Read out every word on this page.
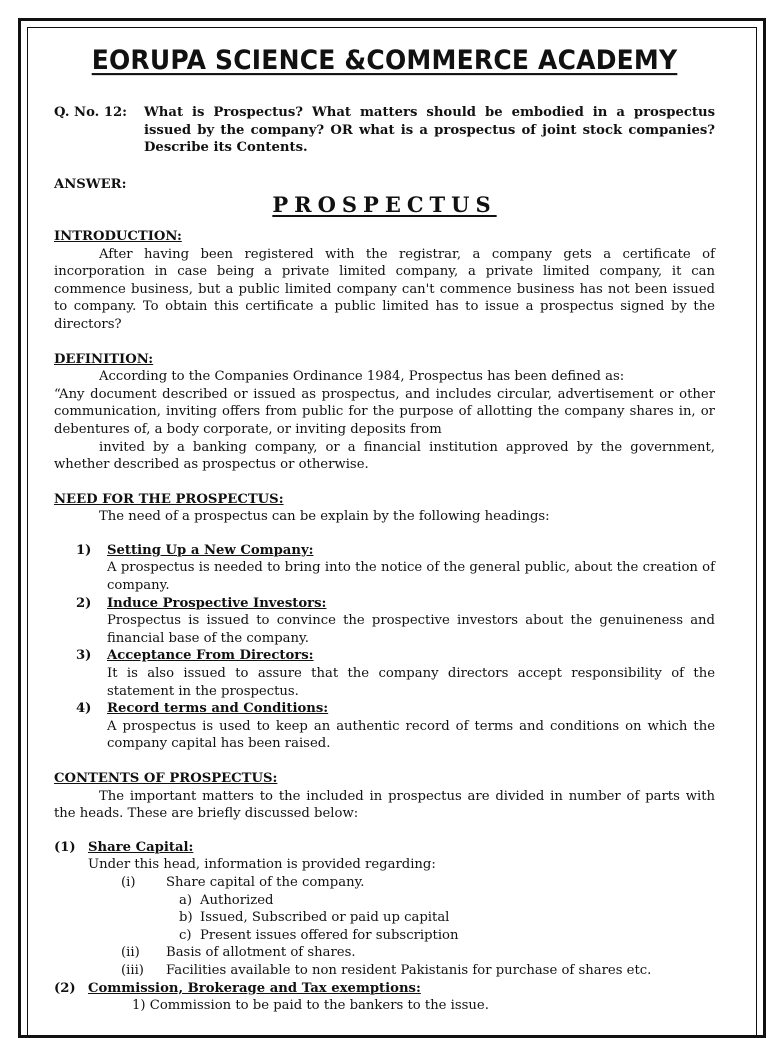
EORUPA SCIENCE &COMMERCE ACADEMY
Q. No. 12:	What is Prospectus? What matters should be embodied in a prospectus issued by the company? OR what is a prospectus of joint stock companies? Describe its Contents.
ANSWER:
PROSPECTUS
INTRODUCTION:
After having been registered with the registrar, a company gets a certificate of incorporation in case being a private limited company, a private limited company, it can commence business, but a public limited company can't commence business has not been issued to company. To obtain this certificate a public limited has to issue a prospectus signed by the directors?
DEFINITION:
According to the Companies Ordinance 1984, Prospectus has been defined as:
“Any document described or issued as prospectus, and includes circular, advertisement or other communication, inviting offers from public for the purpose of allotting the company shares in, or debentures of, a body corporate, or inviting deposits from
invited by a banking company, or a financial institution approved by the government, whether described as prospectus or otherwise.
NEED FOR THE PROSPECTUS:
The need of a prospectus can be explain by the following headings:
1)	Setting Up a New Company:
A prospectus is needed to bring into the notice of the general public, about the creation of company.
2)	Induce Prospective Investors:
Prospectus is issued to convince the prospective investors about the genuineness and financial base of the company.
3)	Acceptance From Directors:
It is also issued to assure that the company directors accept responsibility of the statement in the prospectus.
4)	Record terms and Conditions:
A prospectus is used to keep an authentic record of terms and conditions on which the company capital has been raised.
CONTENTS OF PROSPECTUS:
The important matters to the included in prospectus are divided in number of parts with the heads. These are briefly discussed below:
(1) Share Capital:
Under this head, information is provided regarding:
(i)	Share capital of the company.
a) Authorized
b) Issued, Subscribed or paid up capital
c) Present issues offered for subscription
(ii)	Basis of allotment of shares.
(iii)	Facilities available to non resident Pakistanis for purchase of shares etc.
(2) Commission, Brokerage and Tax exemptions:
1) Commission to be paid to the bankers to the issue.
